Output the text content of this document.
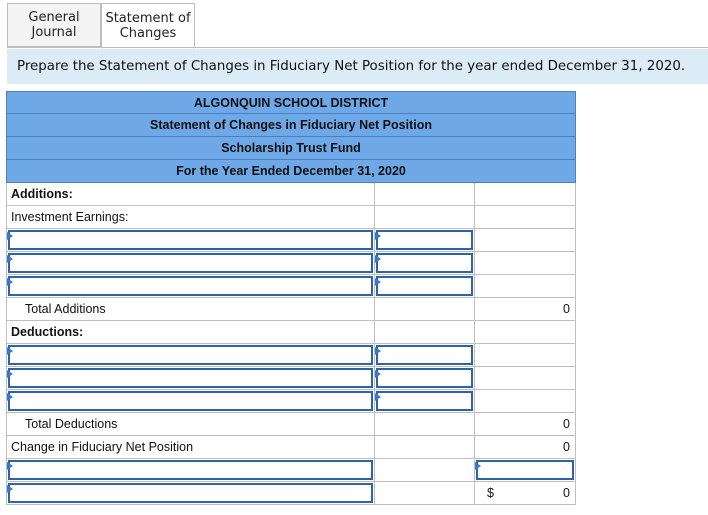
General
Journal
Statement of
Changes
Prepare the Statement of Changes in Fiduciary Net Position for the year ended December 31, 2020.
ALGONQUIN SCHOOL DISTRICT
Statement of Changes in Fiduciary Net Position
Scholarship Trust Fund
For the Year Ended December 31, 2020
Additions:
Investment Earnings:
Total Additions	0
Deductions:
Total Deductions	0
Change in Fiduciary Net Position	0
$	0
